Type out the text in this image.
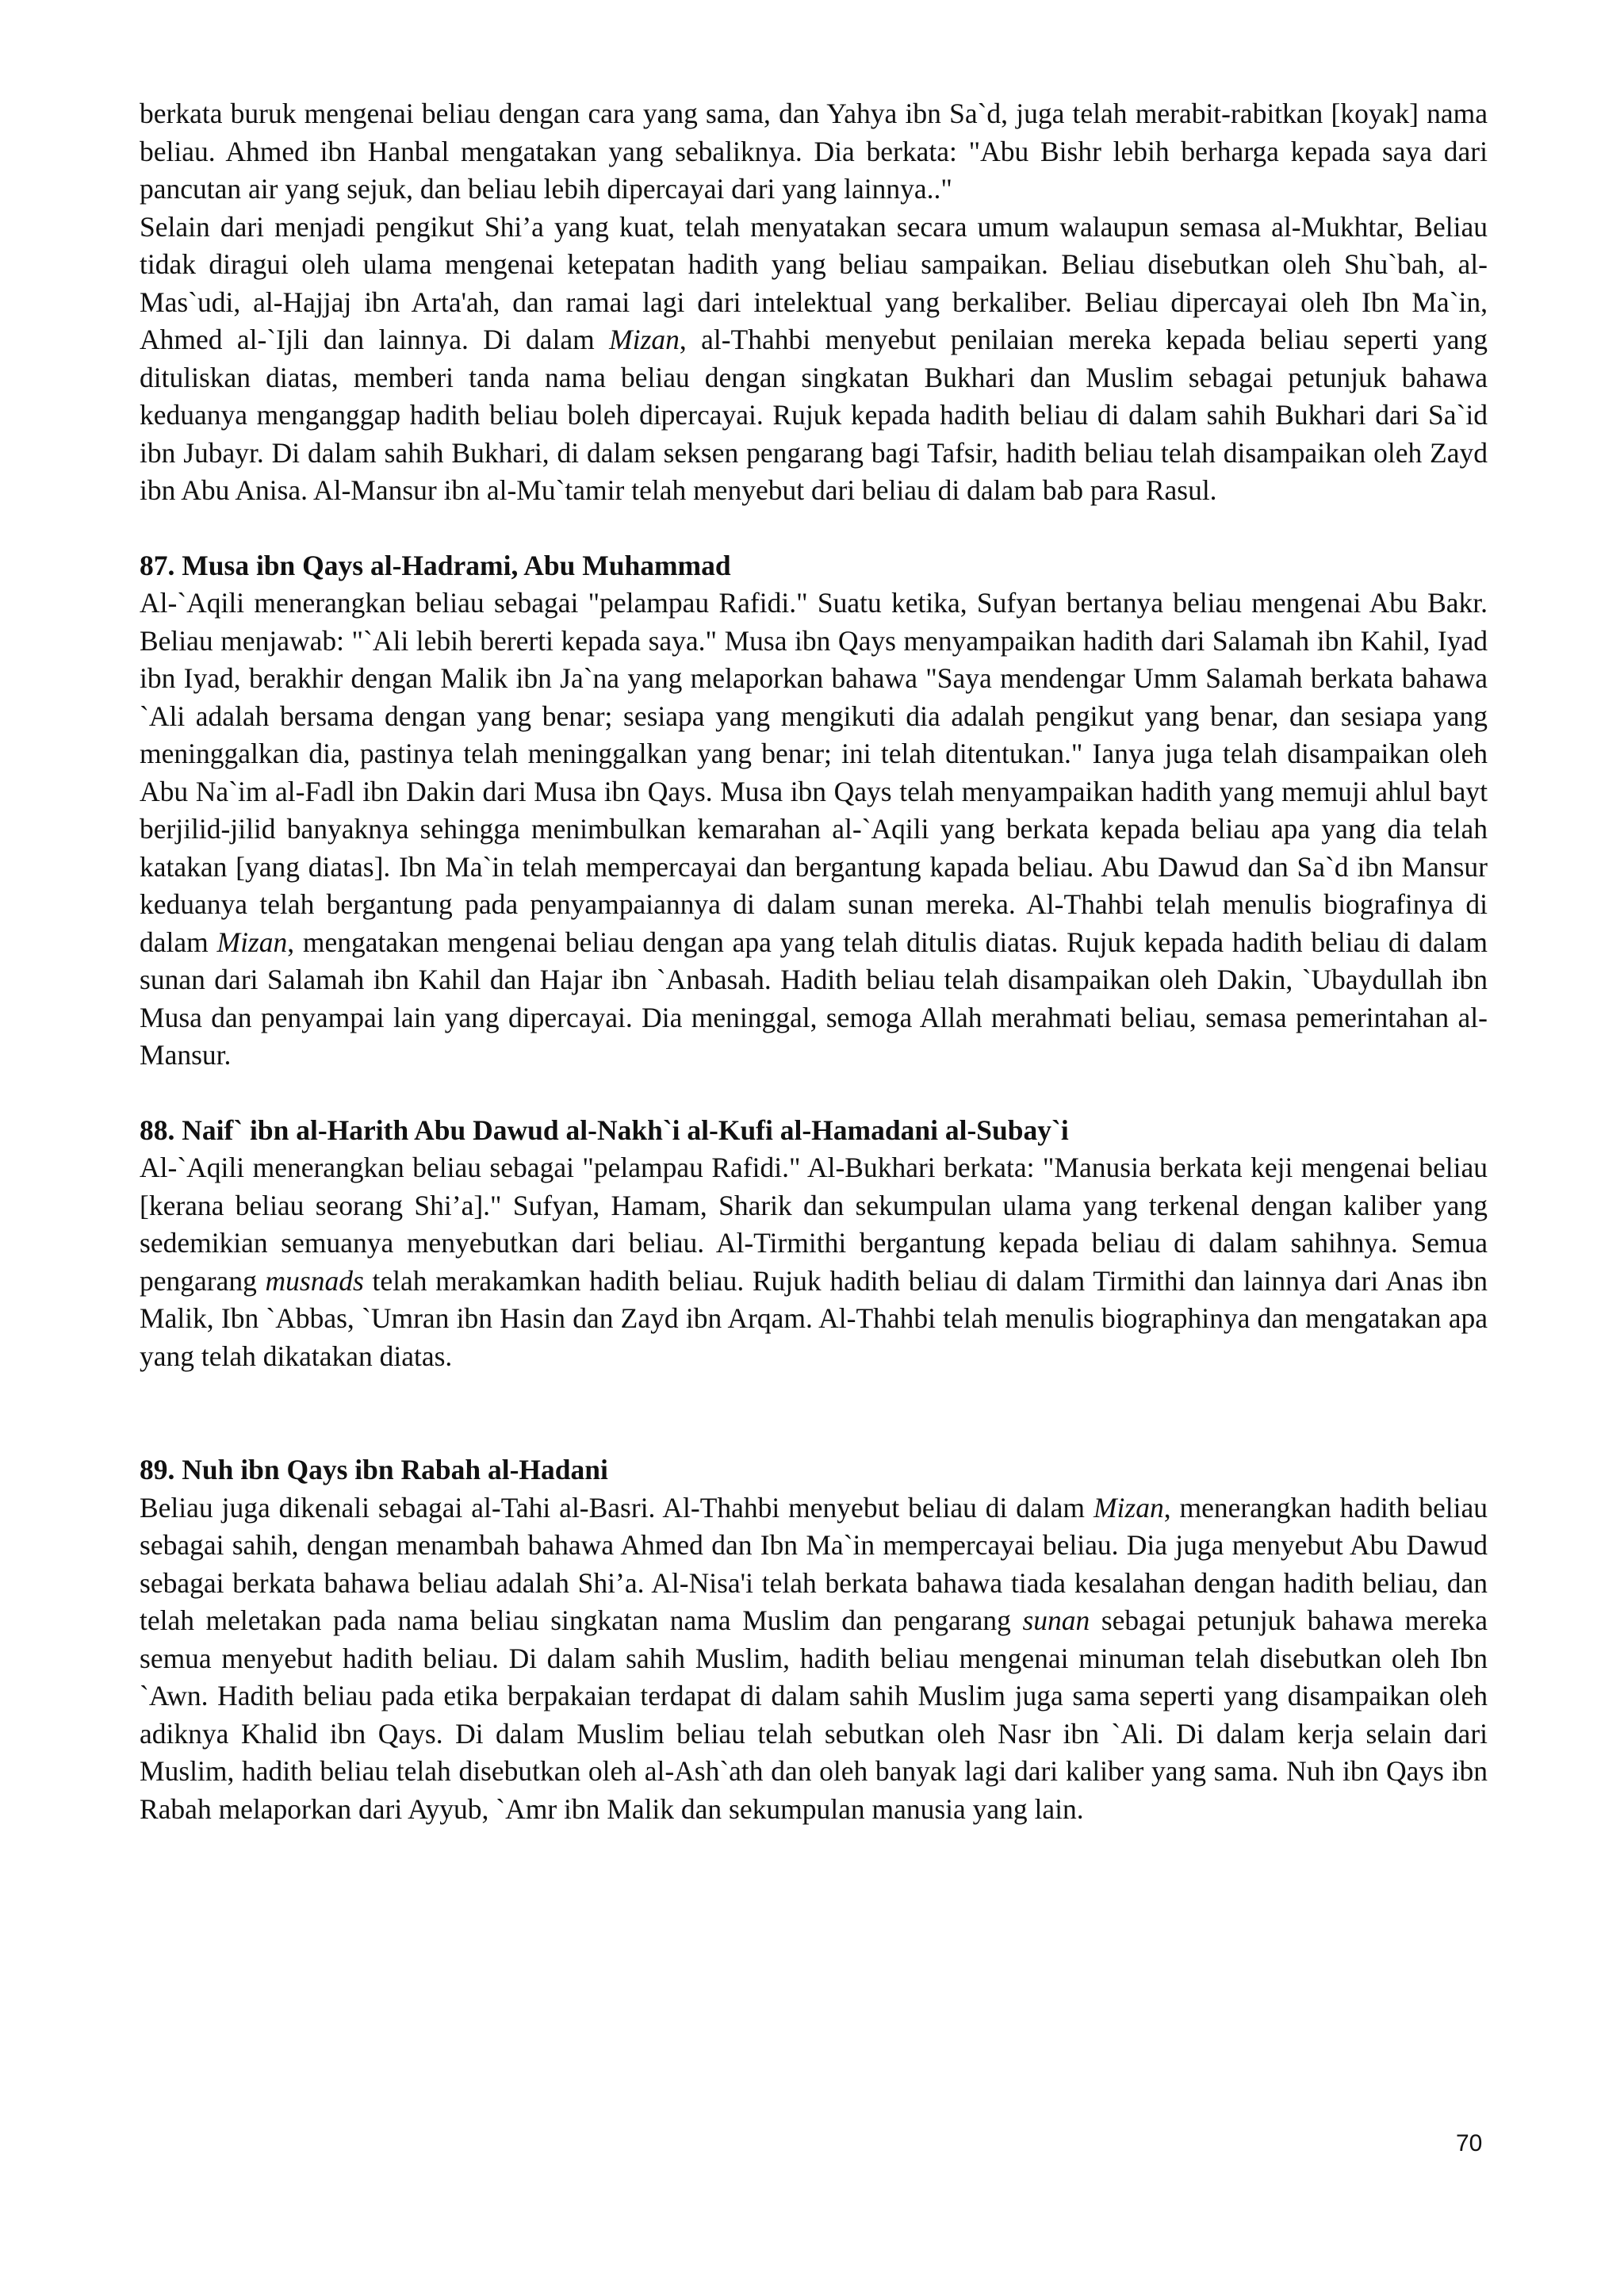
berkata buruk mengenai beliau dengan cara yang sama, dan Yahya ibn Sa`d, juga telah merabit-rabitkan [koyak] nama beliau. Ahmed ibn Hanbal mengatakan yang sebaliknya. Dia berkata: "Abu Bishr lebih berharga kepada saya dari pancutan air yang sejuk, dan beliau lebih dipercayai dari yang lainnya.."

Selain dari menjadi pengikut Shi’a yang kuat, telah menyatakan secara umum walaupun semasa al-Mukhtar, Beliau tidak diragui oleh ulama mengenai ketepatan hadith yang beliau sampaikan. Beliau disebutkan oleh Shu`bah, al-Mas`udi, al-Hajjaj ibn Arta'ah, dan ramai lagi dari intelektual yang berkaliber. Beliau dipercayai oleh Ibn Ma`in, Ahmed al-`Ijli dan lainnya. Di dalam Mizan, al-Thahbi menyebut penilaian mereka kepada beliau seperti yang dituliskan diatas, memberi tanda nama beliau dengan singkatan Bukhari dan Muslim sebagai petunjuk bahawa keduanya menganggap hadith beliau boleh dipercayai. Rujuk kepada hadith beliau di dalam sahih Bukhari dari Sa`id ibn Jubayr. Di dalam sahih Bukhari, di dalam seksen pengarang bagi Tafsir, hadith beliau telah disampaikan oleh Zayd ibn Abu Anisa. Al-Mansur ibn al-Mu`tamir telah menyebut dari beliau di dalam bab para Rasul.

87. Musa ibn Qays al-Hadrami, Abu Muhammad

Al-`Aqili menerangkan beliau sebagai "pelampau Rafidi." Suatu ketika, Sufyan bertanya beliau mengenai Abu Bakr. Beliau menjawab: "`Ali lebih bererti kepada saya." Musa ibn Qays menyampaikan hadith dari Salamah ibn Kahil, Iyad ibn Iyad, berakhir dengan Malik ibn Ja`na yang melaporkan bahawa "Saya mendengar Umm Salamah berkata bahawa `Ali adalah bersama dengan yang benar; sesiapa yang mengikuti dia adalah pengikut yang benar, dan sesiapa yang meninggalkan dia, pastinya telah meninggalkan yang benar; ini telah ditentukan." Ianya juga telah disampaikan oleh Abu Na`im al-Fadl ibn Dakin dari Musa ibn Qays. Musa ibn Qays telah menyampaikan hadith yang memuji ahlul bayt berjilid-jilid banyaknya sehingga menimbulkan kemarahan al-`Aqili yang berkata kepada beliau apa yang dia telah katakan [yang diatas]. Ibn Ma`in telah mempercayai dan bergantung kapada beliau. Abu Dawud dan Sa`d ibn Mansur keduanya telah bergantung pada penyampaiannya di dalam sunan mereka. Al-Thahbi telah menulis biografinya di dalam Mizan, mengatakan mengenai beliau dengan apa yang telah ditulis diatas. Rujuk kepada hadith beliau di dalam sunan dari Salamah ibn Kahil dan Hajar ibn `Anbasah. Hadith beliau telah disampaikan oleh Dakin, `Ubaydullah ibn Musa dan penyampai lain yang dipercayai. Dia meninggal, semoga Allah merahmati beliau, semasa pemerintahan al-Mansur.

88. Naif` ibn al-Harith Abu Dawud al-Nakh`i al-Kufi al-Hamadani al-Subay`i

Al-`Aqili menerangkan beliau sebagai "pelampau Rafidi." Al-Bukhari berkata: "Manusia berkata keji mengenai beliau [kerana beliau seorang Shi’a]." Sufyan, Hamam, Sharik dan sekumpulan ulama yang terkenal dengan kaliber yang sedemikian semuanya menyebutkan dari beliau. Al-Tirmithi bergantung kepada beliau di dalam sahihnya. Semua pengarang musnads telah merakamkan hadith beliau. Rujuk hadith beliau di dalam Tirmithi dan lainnya dari Anas ibn Malik, Ibn `Abbas, `Umran ibn Hasin dan Zayd ibn Arqam. Al-Thahbi telah menulis biographinya dan mengatakan apa yang telah dikatakan diatas.

89. Nuh ibn Qays ibn Rabah al-Hadani

Beliau juga dikenali sebagai al-Tahi al-Basri. Al-Thahbi menyebut beliau di dalam Mizan, menerangkan hadith beliau sebagai sahih, dengan menambah bahawa Ahmed dan Ibn Ma`in mempercayai beliau. Dia juga menyebut Abu Dawud sebagai berkata bahawa beliau adalah Shi’a. Al-Nisa'i telah berkata bahawa tiada kesalahan dengan hadith beliau, dan telah meletakan pada nama beliau singkatan nama Muslim dan pengarang sunan sebagai petunjuk bahawa mereka semua menyebut hadith beliau. Di dalam sahih Muslim, hadith beliau mengenai minuman telah disebutkan oleh Ibn `Awn. Hadith beliau pada etika berpakaian terdapat di dalam sahih Muslim juga sama seperti yang disampaikan oleh adiknya Khalid ibn Qays. Di dalam Muslim beliau telah sebutkan oleh Nasr ibn `Ali. Di dalam kerja selain dari Muslim, hadith beliau telah disebutkan oleh al-Ash`ath dan oleh banyak lagi dari kaliber yang sama. Nuh ibn Qays ibn Rabah melaporkan dari Ayyub, `Amr ibn Malik dan sekumpulan manusia yang lain.

70
